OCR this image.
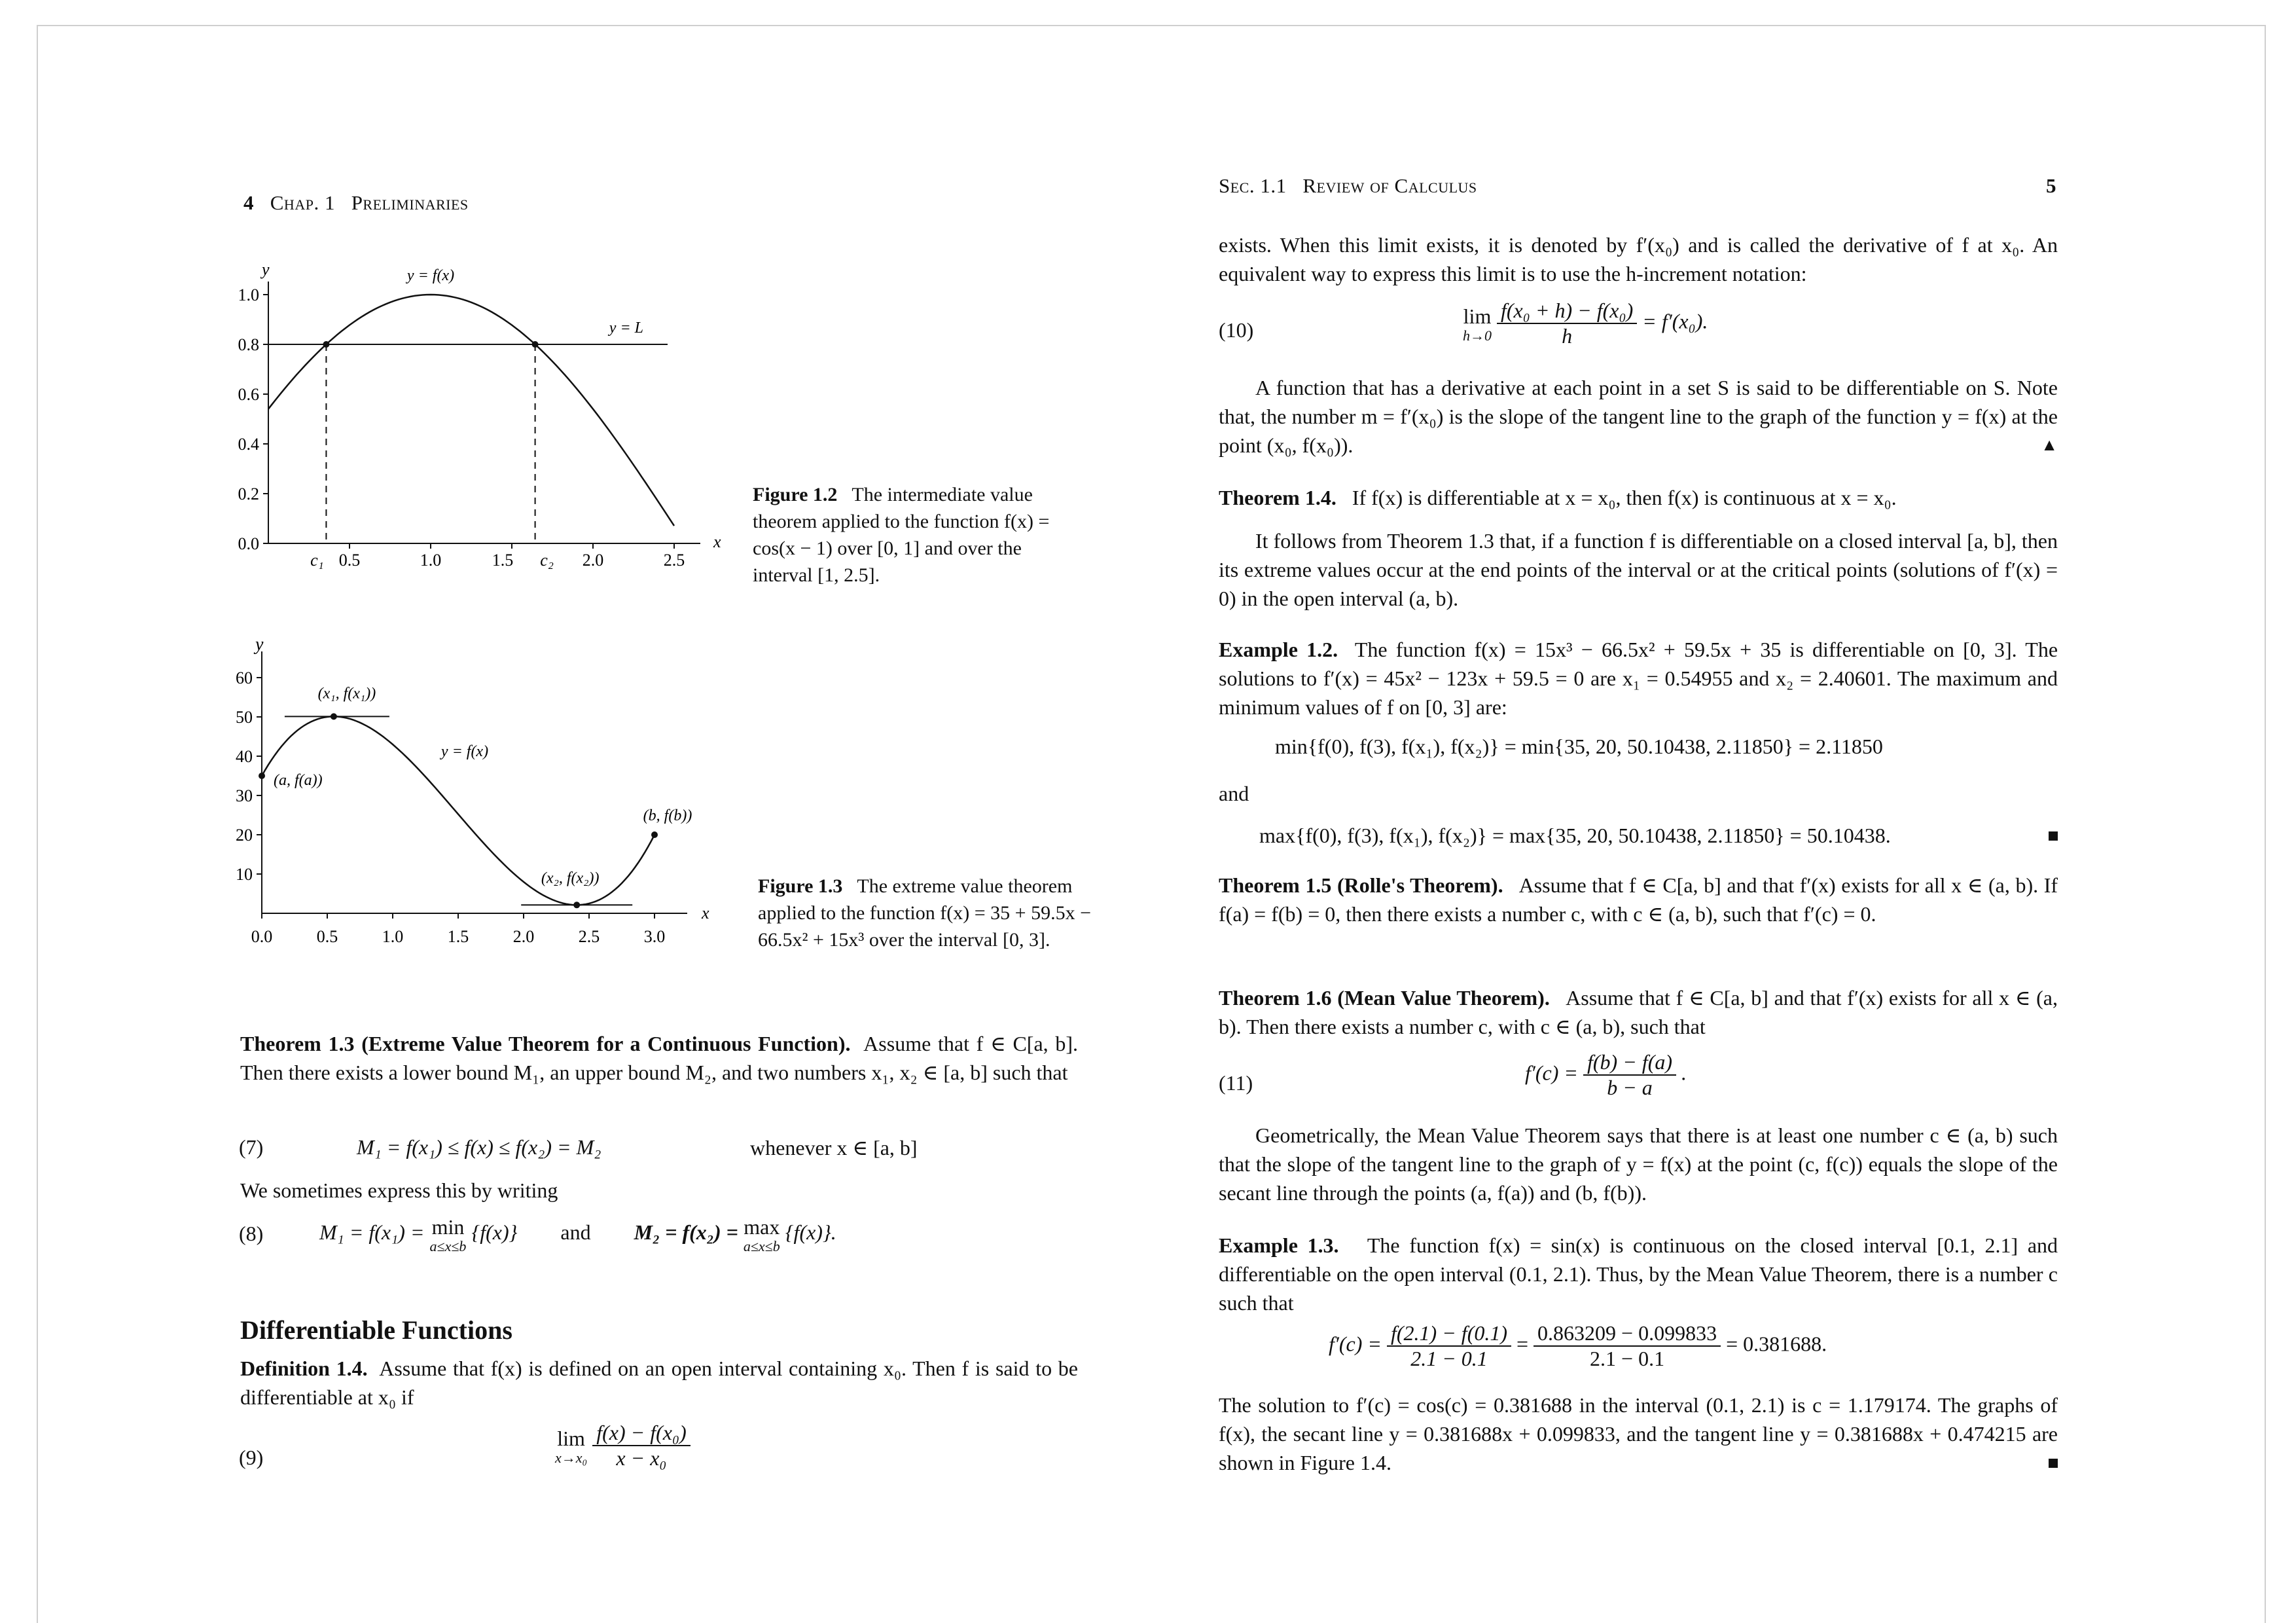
4 Chap. 1 Preliminaries
y
x
0.0
0.2
0.4
0.6
0.8
1.0
0.5	1.0	1.5	2.0	2.5
c₁	c₂
y = f(x)
y = L
Figure 1.2 The intermediate value theorem applied to the function f(x) = cos(x − 1) over [0, 1] and over the interval [1, 2.5].
y
x
10
20
30
40
50
60
0.0	0.5	1.0	1.5	2.0	2.5	3.0
(x₁, f(x₁))
(x₂, f(x₂))
(a, f(a))
(b, f(b))
y = f(x)
Figure 1.3 The extreme value theorem applied to the function f(x) = 35 + 59.5x − 66.5x² + 15x³ over the interval [0, 3].
Theorem 1.3 (Extreme Value Theorem for a Continuous Function). Assume that f ∈ C[a, b]. Then there exists a lower bound M₁, an upper bound M₂, and two numbers x₁, x₂ ∈ [a, b] such that
(7)	M₁ = f(x₁) ≤ f(x) ≤ f(x₂) = M₂	whenever x ∈ [a, b]
We sometimes express this by writing
(8)	M₁ = f(x₁) = min
a≤x≤b
{f(x)} and M₂ = f(x₂) = max
a≤x≤b
{f(x)}.
Differentiable Functions
Definition 1.4. Assume that f(x) is defined on an open interval containing x₀. Then f is said to be differentiable at x₀ if
(9)
lim
x→x₀
$\frac{\text{f(x) − f(x₀)}}{\text{x − x₀}}$
Sec. 1.1 Review of Calculus	5
exists. When this limit exists, it is denoted by f′(x₀) and is called the derivative of f at x₀. An equivalent way to express this limit is to use the h-increment notation:
(10)
lim
h→0
$\frac{\text{f(x₀ + h) − f(x₀)}}{h} = f'(x_0)$.
A function that has a derivative at each point in a set S is said to be differentiable on S. Note that, the number m = f′(x₀) is the slope of the tangent line to the graph of the function y = f(x) at the point (x₀, f(x₀)).	▲
Theorem 1.4. If f(x) is differentiable at x = x₀, then f(x) is continuous at x = x₀.
It follows from Theorem 1.3 that, if a function f is differentiable on a closed interval [a, b], then its extreme values occur at the end points of the interval or at the critical points (solutions of f′(x) = 0) in the open interval (a, b).
Example 1.2. The function f(x) = 15x³ − 66.5x² + 59.5x + 35 is differentiable on [0, 3]. The solutions to f′(x) = 45x² − 123x + 59.5 = 0 are x₁ = 0.54955 and x₂ = 2.40601. The maximum and minimum values of f on [0, 3] are:
min{f(0), f(3), f(x₁), f(x₂)} = min{35, 20, 50.10438, 2.11850} = 2.11850
and
max{f(0), f(3), f(x₁), f(x₂)} = max{35, 20, 50.10438, 2.11850} = 50.10438.
Theorem 1.5 (Rolle's Theorem). Assume that f ∈ C[a, b] and that f′(x) exists for all x ∈ (a, b). If f(a) = f(b) = 0, then there exists a number c, with c ∈ (a, b), such that f′(c) = 0.
Theorem 1.6 (Mean Value Theorem). Assume that f ∈ C[a, b] and that f′(x) exists for all x ∈ (a, b). Then there exists a number c, with c ∈ (a, b), such that
(11)	$f'(c) = \frac{f(b) - f(a)}{b - a}$ .
Geometrically, the Mean Value Theorem says that there is at least one number c ∈ (a, b) such that the slope of the tangent line to the graph of y = f(x) at the point (c, f(c)) equals the slope of the secant line through the points (a, f(a)) and (b, f(b)).
Example 1.3. The function f(x) = sin(x) is continuous on the closed interval [0.1, 2.1] and differentiable on the open interval (0.1, 2.1). Thus, by the Mean Value Theorem, there is a number c such that
$f'(c) = \frac{f(2.1) - f(0.1)}{2.1 - 0.1} = \frac{0.863209 - 0.099833}{2.1 - 0.1} = 0.381688$.
The solution to f′(c) = cos(c) = 0.381688 in the interval (0.1, 2.1) is c = 1.179174. The graphs of f(x), the secant line y = 0.381688x + 0.099833, and the tangent line y = 0.381688x + 0.474215 are shown in Figure 1.4.
